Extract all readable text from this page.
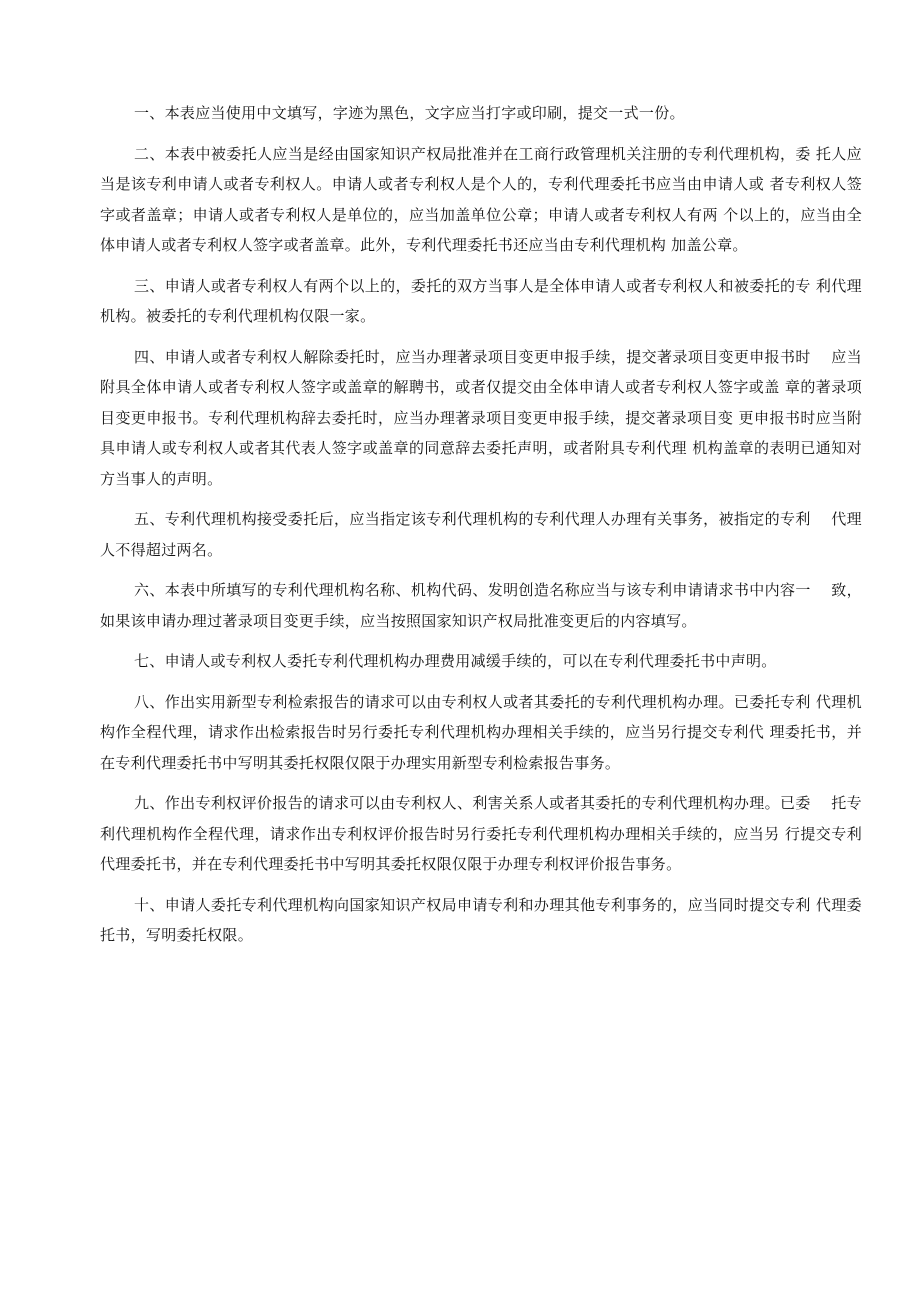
一、本表应当使用中文填写，字迹为黑色，文字应当打字或印刷，提交一式一份。

二、本表中被委托人应当是经由国家知识产权局批准并在工商行政管理机关注册的专利代理机构，委 托人应当是该专利申请人或者专利权人。申请人或者专利权人是个人的，专利代理委托书应当由申请人或 者专利权人签字或者盖章；申请人或者专利权人是单位的，应当加盖单位公章；申请人或者专利权人有两 个以上的，应当由全体申请人或者专利权人签字或者盖章。此外，专利代理委托书还应当由专利代理机构 加盖公章。

三、申请人或者专利权人有两个以上的，委托的双方当事人是全体申请人或者专利权人和被委托的专 利代理机构。被委托的专利代理机构仅限一家。

四、申请人或者专利权人解除委托时，应当办理著录项目变更申报手续，提交著录项目变更申报书时　 应当附具全体申请人或者专利权人签字或盖章的解聘书，或者仅提交由全体申请人或者专利权人签字或盖 章的著录项目变更申报书。专利代理机构辞去委托时，应当办理著录项目变更申报手续，提交著录项目变 更申报书时应当附具申请人或专利权人或者其代表人签字或盖章的同意辞去委托声明，或者附具专利代理 机构盖章的表明已通知对方当事人的声明。

五、专利代理机构接受委托后，应当指定该专利代理机构的专利代理人办理有关事务，被指定的专利　 代理人不得超过两名。

六、本表中所填写的专利代理机构名称、机构代码、发明创造名称应当与该专利申请请求书中内容一　 致，如果该申请办理过著录项目变更手续，应当按照国家知识产权局批准变更后的内容填写。

七、申请人或专利权人委托专利代理机构办理费用减缓手续的，可以在专利代理委托书中声明。

八、作出实用新型专利检索报告的请求可以由专利权人或者其委托的专利代理机构办理。已委托专利 代理机构作全程代理，请求作出检索报告时另行委托专利代理机构办理相关手续的，应当另行提交专利代 理委托书，并在专利代理委托书中写明其委托权限仅限于办理实用新型专利检索报告事务。

九、作出专利权评价报告的请求可以由专利权人、利害关系人或者其委托的专利代理机构办理。已委　 托专利代理机构作全程代理，请求作出专利权评价报告时另行委托专利代理机构办理相关手续的，应当另 行提交专利代理委托书，并在专利代理委托书中写明其委托权限仅限于办理专利权评价报告事务。

十、申请人委托专利代理机构向国家知识产权局申请专利和办理其他专利事务的，应当同时提交专利 代理委托书，写明委托权限。
